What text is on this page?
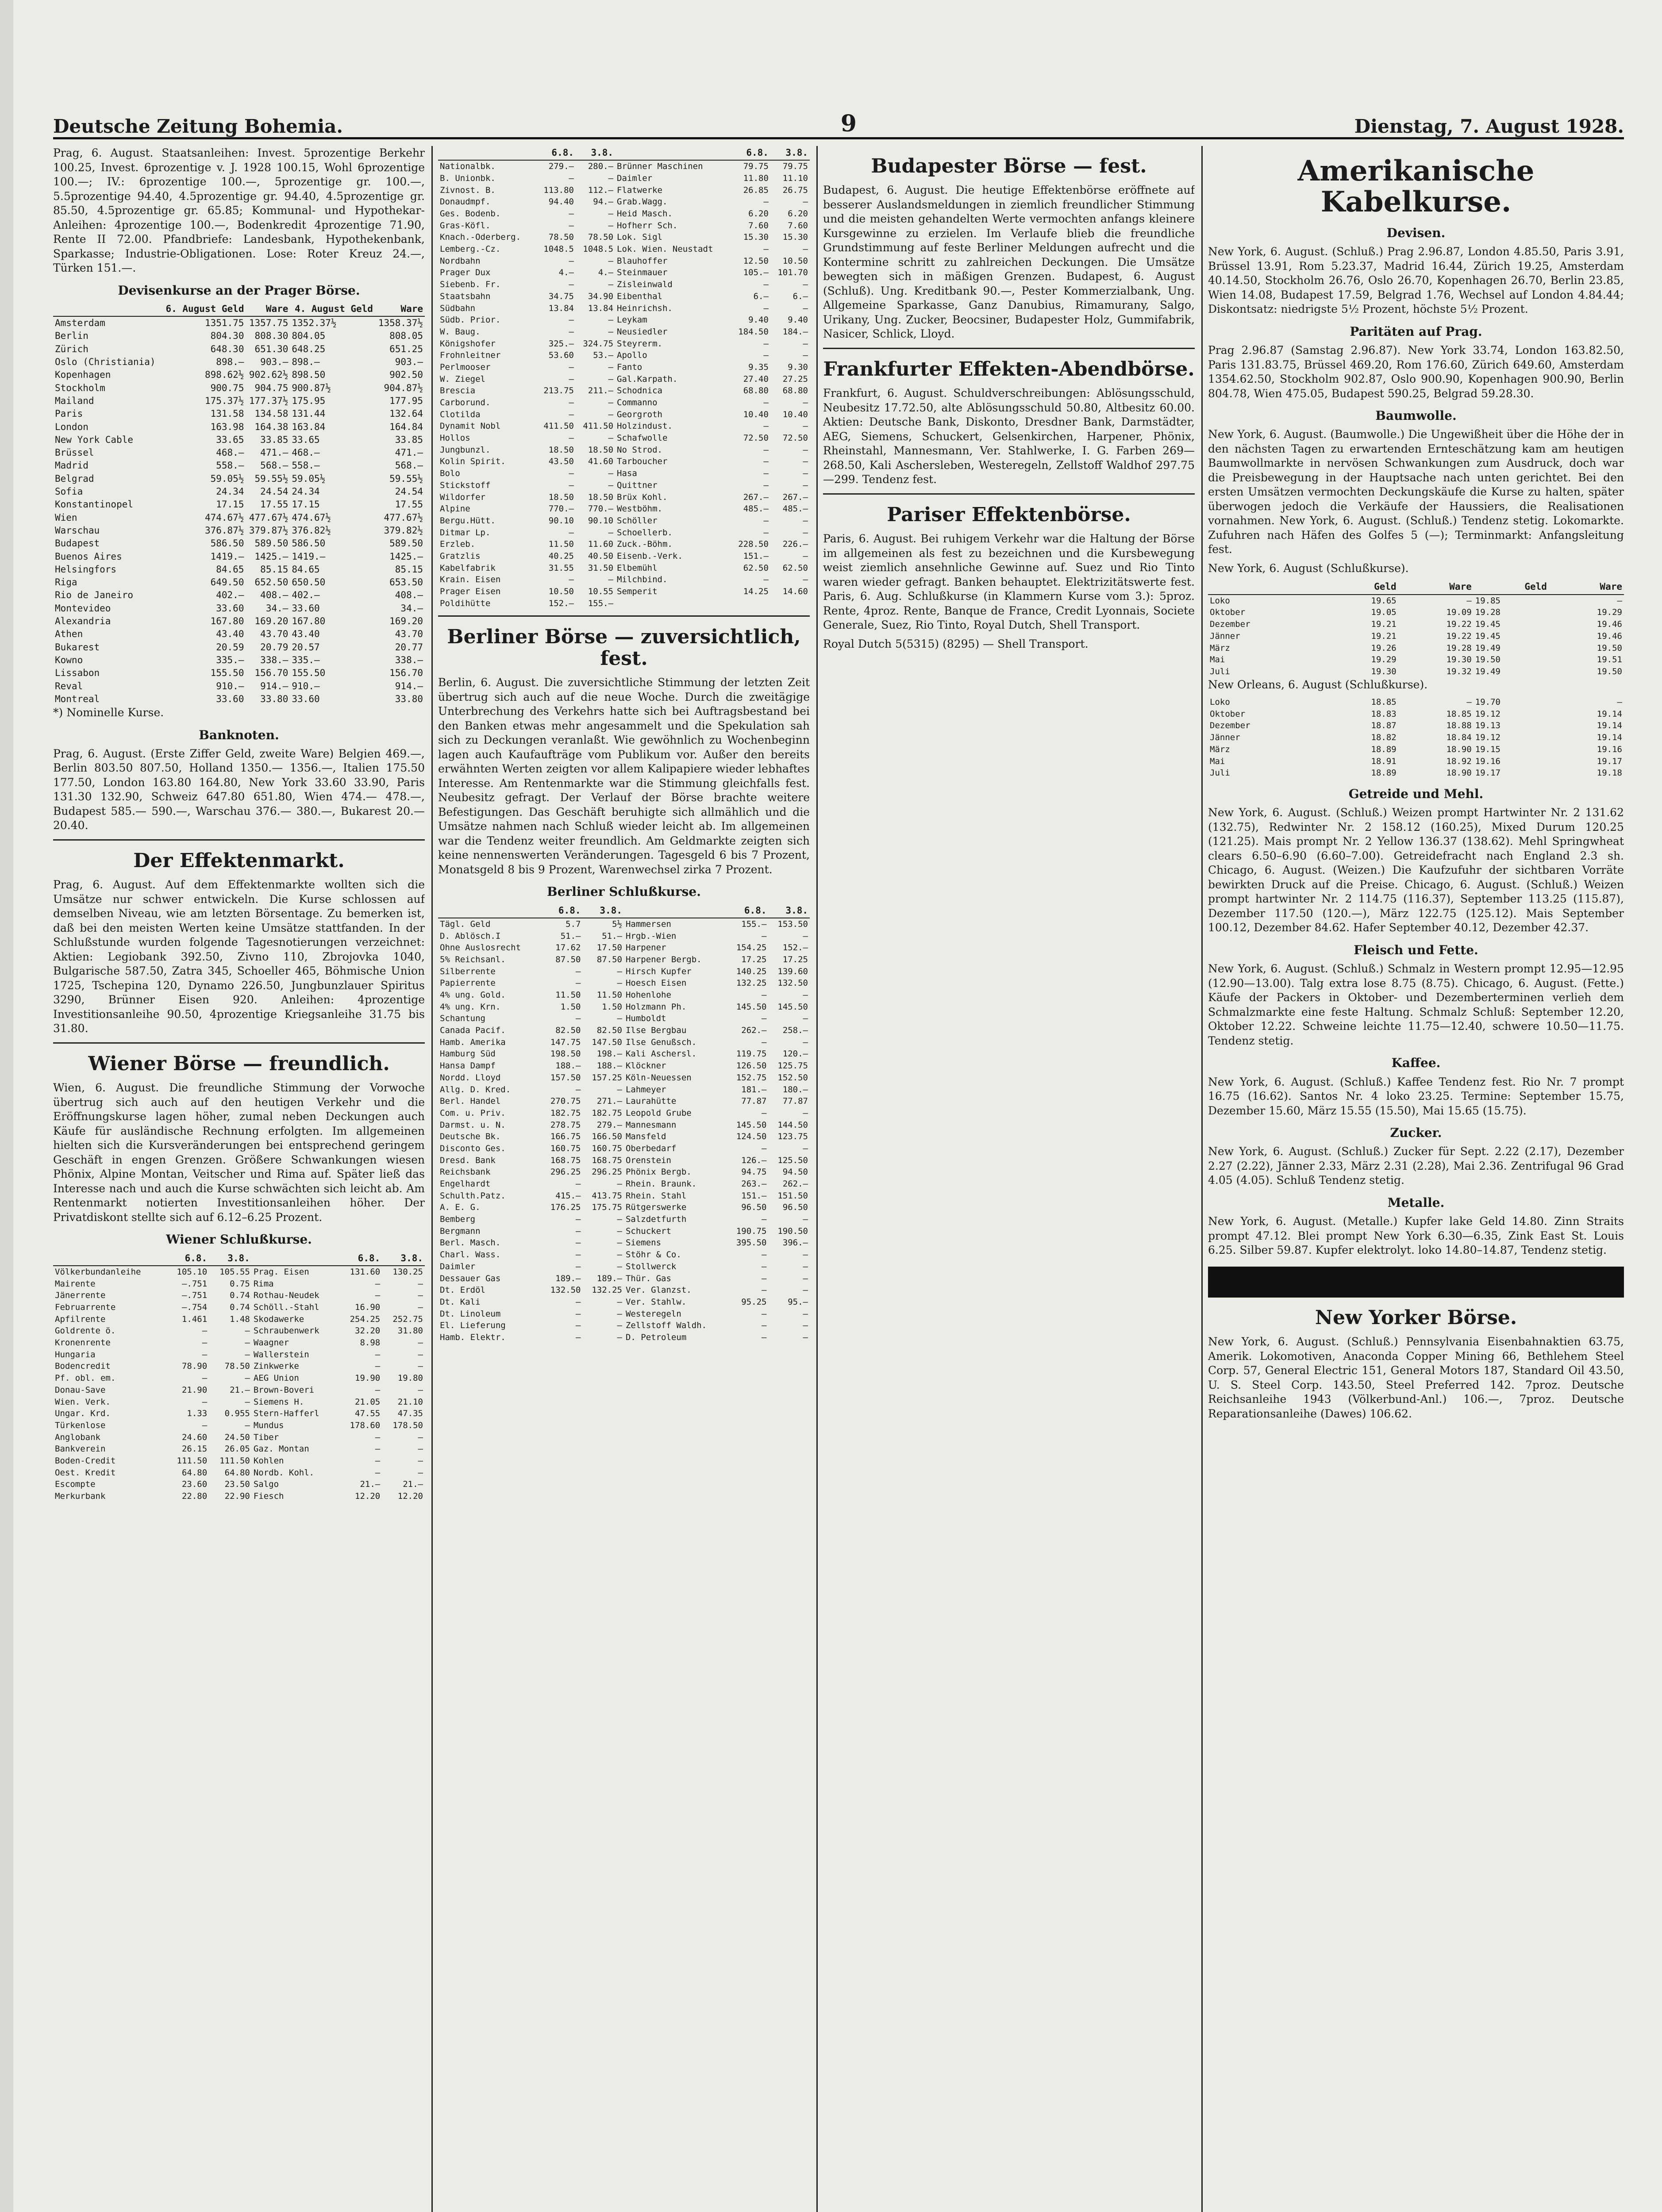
Deutsche Zeitung Bohemia.	9	Dienstag, 7. August 1928.

Prag, 6. August. Staatsanleihen: Invest. 5prozentige Berkehr 100.25, Invest. 6prozentige v. J. 1928 100.15, Wohl 6prozentige 100.—; IV.: 6prozentige 100.—, 5prozentige gr. 100.—, 5.5prozentige 94.40, 4.5prozentige gr. 94.40, 4.5prozentige gr. 85.50, 4.5prozentige gr. 65.85; Kommunal- und Hypothekar-Anleihen: 4prozentige 100.—, Bodenkredit 4prozentige 71.90, Rente II 72.00. Pfandbriefe: Landesbank, Hypothekenbank, Sparkasse; Industrie-Obligationen. Lose: Roter Kreuz 24.—, Türken 151.—.

Devisenkurse an der Prager Börse.
	6. August Geld	Ware	4. August Geld	Ware
Amsterdam	1351.75	1357.75	1352.37½	1358.37½
Berlin	804.30	808.30	804.05	808.05
Zürich	648.30	651.30	648.25	651.25
Oslo (Christiania)	898.—	903.—	898.—	903.—
Kopenhagen	898.62½	902.62½	898.50	902.50
Stockholm	900.75	904.75	900.87½	904.87½
Mailand	175.37½	177.37½	175.95	177.95
Paris	131.58	134.58	131.44	132.64
London	163.98	164.38	163.84	164.84
New York Cable	33.65	33.85	33.65	33.85
Brüssel	468.—	471.—	468.—	471.—
Madrid	558.—	568.—	558.—	568.—
Belgrad	59.05½	59.55½	59.05½	59.55½
Sofia	24.34	24.54	24.34	24.54
Konstantinopel	17.15	17.55	17.15	17.55
Wien	474.67½	477.67½	474.67½	477.67½
Warschau	376.87½	379.87½	376.82½	379.82½
Budapest	586.50	589.50	586.50	589.50
Buenos Aires	1419.—	1425.—	1419.—	1425.—
Helsingfors	84.65	85.15	84.65	85.15
Riga	649.50	652.50	650.50	653.50
Rio de Janeiro	402.—	408.—	402.—	408.—
Montevideo	33.60	34.—	33.60	34.—
Alexandria	167.80	169.20	167.80	169.20
Athen	43.40	43.70	43.40	43.70
Bukarest	20.59	20.79	20.57	20.77
Kowno	335.—	338.—	335.—	338.—
Lissabon	155.50	156.70	155.50	156.70
Reval	910.—	914.—	910.—	914.—
Montreal	33.60	33.80	33.60	33.80

*) Nominelle Kurse.

Banknoten.

Prag, 6. August. (Erste Ziffer Geld, zweite Ware) Belgien 469.—, Berlin 803.50 807.50, Holland 1350.— 1356.—, Italien 175.50 177.50, London 163.80 164.80, New York 33.60 33.90, Paris 131.30 132.90, Schweiz 647.80 651.80, Wien 474.— 478.—, Budapest 585.— 590.—, Warschau 376.— 380.—, Bukarest 20.— 20.40.

Der Effektenmarkt.

Prag, 6. August. Auf dem Effektenmarkte wollten sich die Umsätze nur schwer entwickeln. Die Kurse schlossen auf demselben Niveau, wie am letzten Börsentage. Zu bemerken ist, daß bei den meisten Werten keine Umsätze stattfanden. In der Schlußstunde wurden folgende Tagesnotierungen verzeichnet: Aktien: Legiobank 392.50, Zivno 110, Zbrojovka 1040, Bulgarische 587.50, Zatra 345, Schoeller 465, Böhmische Union 1725, Tschepina 120, Dynamo 226.50, Jungbunzlauer Spiritus 3290, Brünner Eisen 920. Anleihen: 4prozentige Investitionsanleihe 90.50, 4prozentige Kriegsanleihe 31.75 bis 31.80.

Wiener Börse — freundlich.

Wien, 6. August. Die freundliche Stimmung der Vorwoche übertrug sich auch auf den heutigen Verkehr und die Eröffnungskurse lagen höher, zumal neben Deckungen auch Käufe für ausländische Rechnung erfolgten. Im allgemeinen hielten sich die Kursveränderungen bei entsprechend geringem Geschäft in engen Grenzen. Größere Schwankungen wiesen Phönix, Alpine Montan, Veitscher und Rima auf. Später ließ das Interesse nach und auch die Kurse schwächten sich leicht ab. Am Rentenmarkt notierten Investitionsanleihen höher. Der Privatdiskont stellte sich auf 6.12–6.25 Prozent.

Wiener Schlußkurse.
	6.8.	3.8.		6.8.	3.8.
Völkerbundanleihe	105.10	105.55	Prag. Eisen	131.60	130.25
Mairente	—.751	0.75	Rima	—	—
Jänerrente	—.751	0.74	Rothau-Neudek	—	—
Februarrente	—.754	0.74	Schöll.-Stahl	16.90	—
Apfilrente	1.461	1.48	Skodawerke	254.25	252.75
Goldrente ö.	—	—	Schraubenwerk	32.20	31.80
Kronenrente	—	—	Waagner	8.98	—
Hungaria	—	—	Wallerstein	—	—
Bodencredit	78.90	78.50	Zinkwerke	—	—
Pf. obl. em.	—	—	AEG Union	19.90	19.80
Donau-Save	21.90	21.—	Brown-Boveri	—	—
Wien. Verk.	—	—	Siemens H.	21.05	21.10
Ungar. Krd.	1.33	0.955	Stern-Hafferl	47.55	47.35
Türkenlose	—	—	Mundus	178.60	178.50
Anglobank	24.60	24.50	Tiber	—	—
Bankverein	26.15	26.05	Gaz. Montan	—	—
Boden-Credit	111.50	111.50	Kohlen	—	—
Oest. Kredit	64.80	64.80	Nordb. Kohl.	—	—
Escompte	23.60	23.50	Salgo	21.—	21.—
Merkurbank	22.80	22.90	Fiesch	12.20	12.20
	6.8.	3.8.		6.8.	3.8.
Nationalbk.	279.—	280.—	Brünner Maschinen	79.75	79.75
B. Unionbk.	—	—	Daimler	11.80	11.10
Zivnost. B.	113.80	112.—	Flatwerke	26.85	26.75
Donaudmpf.	94.40	94.—	Grab.Wagg.	—	—
Ges. Bodenb.	—	—	Heid Masch.	6.20	6.20
Gras-Köfl.	—	—	Hofherr Sch.	7.60	7.60
Knach.-Oderberg.	78.50	78.50	Lok. Sigl	15.30	15.30
Lemberg.-Cz.	1048.5	1048.5	Lok. Wien. Neustadt	—	—
Nordbahn	—	—	Blauhoffer	12.50	10.50
Prager Dux	4.—	4.—	Steinmauer	105.—	101.70
Siebenb. Fr.	—	—	Zisleinwald	—	—
Staatsbahn	34.75	34.90	Eibenthal	6.—	6.—
Südbahn	13.84	13.84	Heinrichsh.	—	—
Südb. Prior.	—	—	Leykam	9.40	9.40
W. Baug.	—	—	Neusiedler	184.50	184.—
Königshofer	325.—	324.75	Steyrerm.	—	—
Frohnleitner	53.60	53.—	Apollo	—	—
Perlmooser	—	—	Fanto	9.35	9.30
W. Ziegel	—	—	Gal.Karpath.	27.40	27.25
Brescia	213.75	211.—	Schodnica	68.80	68.80
Carborund.	—	—	Commanno	—	—
Clotilda	—	—	Georgroth	10.40	10.40
Dynamit Nobl	411.50	411.50	Holzindust.	—	—
Hollos	—	—	Schafwolle	72.50	72.50
Jungbunzl.	18.50	18.50	No Strod.	—	—
Kolin Spirit.	43.50	41.60	Tarboucher	—	—
Bolo	—	—	Hasa	—	—
Stickstoff	—	—	Quittner	—	—
Wildorfer	18.50	18.50	Brüx Kohl.	267.—	267.—
Alpine	770.—	770.—	Westböhm.	485.—	485.—
Bergu.Hütt.	90.10	90.10	Schöller	—	—
Ditmar Lp.	—	—	Schoellerb.	—	—
Erzleb.	11.50	11.60	Zuck.-Böhm.	228.50	226.—
Gratzlis	40.25	40.50	Eisenb.-Verk.	151.—	—
Kabelfabrik	31.55	31.50	Elbemühl	62.50	62.50
Krain. Eisen	—	—	Milchbind.	—	—
Prager Eisen	10.50	10.55	Semperit	14.25	14.60
Poldihütte	152.—	155.—			
Berliner Börse — zuversichtlich, fest.

Berlin, 6. August. Die zuversichtliche Stimmung der letzten Zeit übertrug sich auch auf die neue Woche. Durch die zweitägige Unterbrechung des Verkehrs hatte sich bei Auftragsbestand bei den Banken etwas mehr angesammelt und die Spekulation sah sich zu Deckungen veranlaßt. Wie gewöhnlich zu Wochenbeginn lagen auch Kaufaufträge vom Publikum vor. Außer den bereits erwähnten Werten zeigten vor allem Kalipapiere wieder lebhaftes Interesse. Am Rentenmarkte war die Stimmung gleichfalls fest. Neubesitz gefragt. Der Verlauf der Börse brachte weitere Befestigungen. Das Geschäft beruhigte sich allmählich und die Umsätze nahmen nach Schluß wieder leicht ab. Im allgemeinen war die Tendenz weiter freundlich. Am Geldmarkte zeigten sich keine nennenswerten Veränderungen. Tagesgeld 6 bis 7 Prozent, Monatsgeld 8 bis 9 Prozent, Warenwechsel zirka 7 Prozent.

Berliner Schlußkurse.
	6.8.	3.8.		6.8.	3.8.
Tägl. Geld	5.7	5½	Hammersen	155.—	153.50
D. Ablösch.I	51.—	51.—	Hrgb.-Wien	—	—
Ohne Auslosrecht	17.62	17.50	Harpener	154.25	152.—
5% Reichsanl.	87.50	87.50	Harpener Bergb.	17.25	17.25
Silberrente	—	—	Hirsch Kupfer	140.25	139.60
Papierrente	—	—	Hoesch Eisen	132.25	132.50
4% ung. Gold.	11.50	11.50	Hohenlohe	—	—
4% ung. Krn.	1.50	1.50	Holzmann Ph.	145.50	145.50
Schantung	—	—	Humboldt	—	—
Canada Pacif.	82.50	82.50	Ilse Bergbau	262.—	258.—
Hamb. Amerika	147.75	147.50	Ilse Genußsch.	—	—
Hamburg Süd	198.50	198.—	Kali Aschersl.	119.75	120.—
Hansa Dampf	188.—	188.—	Klöckner	126.50	125.75
Nordd. Lloyd	157.50	157.25	Köln-Neuessen	152.75	152.50
Allg. D. Kred.	—	—	Lahmeyer	181.—	180.—
Berl. Handel	270.75	271.—	Laurahütte	77.87	77.87
Com. u. Priv.	182.75	182.75	Leopold Grube	—	—
Darmst. u. N.	278.75	279.—	Mannesmann	145.50	144.50
Deutsche Bk.	166.75	166.50	Mansfeld	124.50	123.75
Disconto Ges.	160.75	160.75	Oberbedarf	—	—
Dresd. Bank	168.75	168.75	Orenstein	126.—	125.50
Reichsbank	296.25	296.25	Phönix Bergb.	94.75	94.50
Engelhardt	—	—	Rhein. Braunk.	263.—	262.—
Schulth.Patz.	415.—	413.75	Rhein. Stahl	151.—	151.50
A. E. G.	176.25	175.75	Rütgerswerke	96.50	96.50
Bemberg	—	—	Salzdetfurth	—	—
Bergmann	—	—	Schuckert	190.75	190.50
Berl. Masch.	—	—	Siemens	395.50	396.—
Charl. Wass.	—	—	Stöhr & Co.	—	—
Daimler	—	—	Stollwerck	—	—
Dessauer Gas	189.—	189.—	Thür. Gas	—	—
Dt. Erdöl	132.50	132.25	Ver. Glanzst.	—	—
Dt. Kali	—	—	Ver. Stahlw.	95.25	95.—
Dt. Linoleum	—	—	Westeregeln	—	—
El. Lieferung	—	—	Zellstoff Waldh.	—	—
Hamb. Elektr.	—	—	D. Petroleum	—	—
Budapester Börse — fest.

Budapest, 6. August. Die heutige Effektenbörse eröffnete auf besserer Auslandsmeldungen in ziemlich freundlicher Stimmung und die meisten gehandelten Werte vermochten anfangs kleinere Kursgewinne zu erzielen. Im Verlaufe blieb die freundliche Grundstimmung auf feste Berliner Meldungen aufrecht und die Kontermine schritt zu zahlreichen Deckungen. Die Umsätze bewegten sich in mäßigen Grenzen. Budapest, 6. August (Schluß). Ung. Kreditbank 90.—, Pester Kommerzialbank, Ung. Allgemeine Sparkasse, Ganz Danubius, Rimamurany, Salgo, Urikany, Ung. Zucker, Beocsiner, Budapester Holz, Gummifabrik, Nasicer, Schlick, Lloyd.

Frankfurter Effekten-Abendbörse.

Frankfurt, 6. August. Schuldverschreibungen: Ablösungsschuld, Neubesitz 17.72.50, alte Ablösungsschuld 50.80, Altbesitz 60.00. Aktien: Deutsche Bank, Diskonto, Dresdner Bank, Darmstädter, AEG, Siemens, Schuckert, Gelsenkirchen, Harpener, Phönix, Rheinstahl, Mannesmann, Ver. Stahlwerke, I. G. Farben 269—268.50, Kali Aschersleben, Westeregeln, Zellstoff Waldhof 297.75—299. Tendenz fest.

Pariser Effektenbörse.

Paris, 6. August. Bei ruhigem Verkehr war die Haltung der Börse im allgemeinen als fest zu bezeichnen und die Kursbewegung weist ziemlich ansehnliche Gewinne auf. Suez und Rio Tinto waren wieder gefragt. Banken behauptet. Elektrizitätswerte fest. Paris, 6. Aug. Schlußkurse (in Klammern Kurse vom 3.): 5proz. Rente, 4proz. Rente, Banque de France, Credit Lyonnais, Societe Generale, Suez, Rio Tinto, Royal Dutch, Shell Transport.

Royal Dutch 5(5315) (8295) — Shell Transport.

Amerikanische Kabelkurse.
Devisen.

New York, 6. August. (Schluß.) Prag 2.96.87, London 4.85.50, Paris 3.91, Brüssel 13.91, Rom 5.23.37, Madrid 16.44, Zürich 19.25, Amsterdam 40.14.50, Stockholm 26.76, Oslo 26.70, Kopenhagen 26.70, Berlin 23.85, Wien 14.08, Budapest 17.59, Belgrad 1.76, Wechsel auf London 4.84.44; Diskontsatz: niedrigste 5½ Prozent, höchste 5½ Prozent.

Paritäten auf Prag.

Prag 2.96.87 (Samstag 2.96.87). New York 33.74, London 163.82.50, Paris 131.83.75, Brüssel 469.20, Rom 176.60, Zürich 649.60, Amsterdam 1354.62.50, Stockholm 902.87, Oslo 900.90, Kopenhagen 900.90, Berlin 804.78, Wien 475.05, Budapest 590.25, Belgrad 59.28.30.

Baumwolle.

New York, 6. August. (Baumwolle.) Die Ungewißheit über die Höhe der in den nächsten Tagen zu erwartenden Ernteschätzung kam am heutigen Baumwollmarkte in nervösen Schwankungen zum Ausdruck, doch war die Preisbewegung in der Hauptsache nach unten gerichtet. Bei den ersten Umsätzen vermochten Deckungskäufe die Kurse zu halten, später überwogen jedoch die Verkäufe der Haussiers, die Realisationen vornahmen. New York, 6. August. (Schluß.) Tendenz stetig. Lokomarkte. Zufuhren nach Häfen des Golfes 5 (—); Terminmarkt: Anfangsleitung fest.

New York, 6. August (Schlußkurse).

	Geld	Ware	Geld	Ware
Loko	19.65	—	19.85	—
Oktober	19.05	19.09	19.28	19.29
Dezember	19.21	19.22	19.45	19.46
Jänner	19.21	19.22	19.45	19.46
März	19.26	19.28	19.49	19.50
Mai	19.29	19.30	19.50	19.51
Juli	19.30	19.32	19.49	19.50

New Orleans, 6. August (Schlußkurse).

Loko	18.85	—	19.70	—
Oktober	18.83	18.85	19.12	19.14
Dezember	18.87	18.88	19.13	19.14
Jänner	18.82	18.84	19.12	19.14
März	18.89	18.90	19.15	19.16
Mai	18.91	18.92	19.16	19.17
Juli	18.89	18.90	19.17	19.18
Getreide und Mehl.

New York, 6. August. (Schluß.) Weizen prompt Hartwinter Nr. 2 131.62 (132.75), Redwinter Nr. 2 158.12 (160.25), Mixed Durum 120.25 (121.25). Mais prompt Nr. 2 Yellow 136.37 (138.62). Mehl Springwheat clears 6.50–6.90 (6.60–7.00). Getreidefracht nach England 2.3 sh. Chicago, 6. August. (Weizen.) Die Kaufzufuhr der sichtbaren Vorräte bewirkten Druck auf die Preise. Chicago, 6. August. (Schluß.) Weizen prompt hartwinter Nr. 2 114.75 (116.37), September 113.25 (115.87), Dezember 117.50 (120.—), März 122.75 (125.12). Mais September 100.12, Dezember 84.62. Hafer September 40.12, Dezember 42.37.

Fleisch und Fette.

New York, 6. August. (Schluß.) Schmalz in Western prompt 12.95—12.95 (12.90—13.00). Talg extra lose 8.75 (8.75). Chicago, 6. August. (Fette.) Käufe der Packers in Oktober- und Dezemberterminen verlieh dem Schmalzmarkte eine feste Haltung. Schmalz Schluß: September 12.20, Oktober 12.22. Schweine leichte 11.75—12.40, schwere 10.50—11.75. Tendenz stetig.

Kaffee.

New York, 6. August. (Schluß.) Kaffee Tendenz fest. Rio Nr. 7 prompt 16.75 (16.62). Santos Nr. 4 loko 23.25. Termine: September 15.75, Dezember 15.60, März 15.55 (15.50), Mai 15.65 (15.75).

Zucker.

New York, 6. August. (Schluß.) Zucker für Sept. 2.22 (2.17), Dezember 2.27 (2.22), Jänner 2.33, März 2.31 (2.28), Mai 2.36. Zentrifugal 96 Grad 4.05 (4.05). Schluß Tendenz stetig.

Metalle.

New York, 6. August. (Metalle.) Kupfer lake Geld 14.80. Zinn Straits prompt 47.12. Blei prompt New York 6.30—6.35, Zink East St. Louis 6.25. Silber 59.87. Kupfer elektrolyt. loko 14.80–14.87, Tendenz stetig.

New Yorker Börse.

New York, 6. August. (Schluß.) Pennsylvania Eisenbahnaktien 63.75, Amerik. Lokomotiven, Anaconda Copper Mining 66, Bethlehem Steel Corp. 57, General Electric 151, General Motors 187, Standard Oil 43.50, U. S. Steel Corp. 143.50, Steel Preferred 142. 7proz. Deutsche Reichsanleihe 1943 (Völkerbund-Anl.) 106.—, 7proz. Deutsche Reparationsanleihe (Dawes) 106.62.
